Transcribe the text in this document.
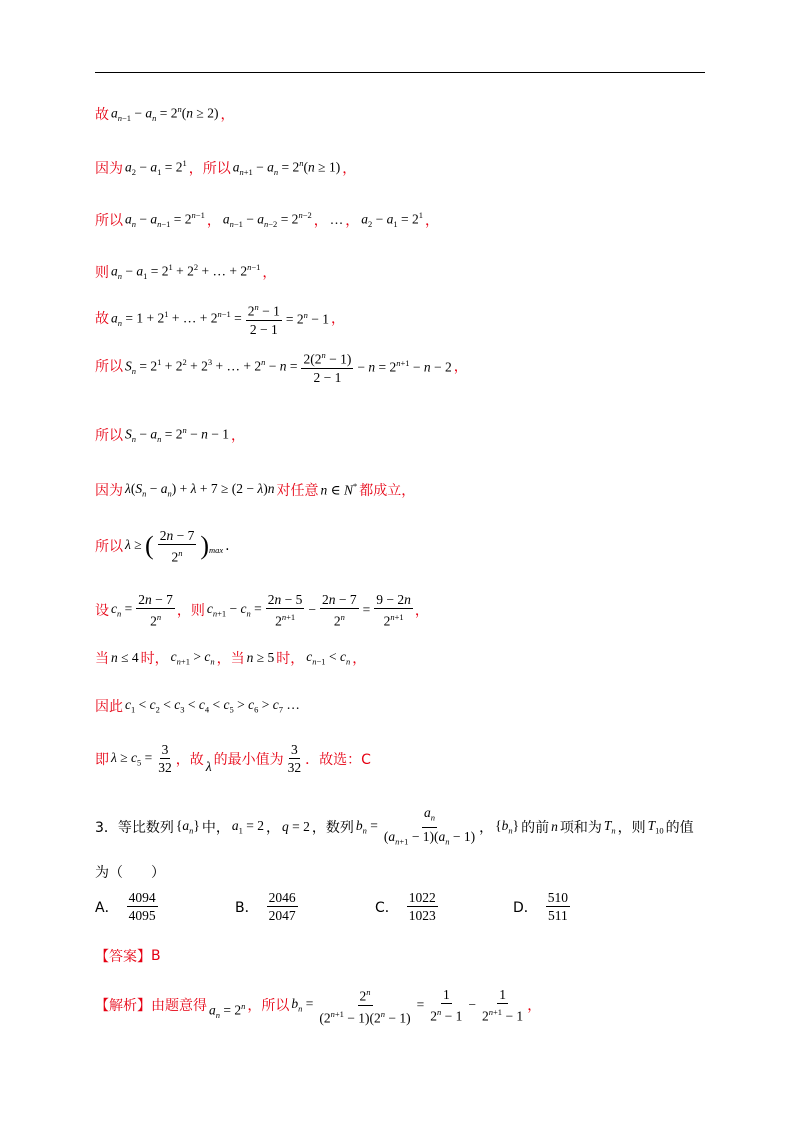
故 $a_{n-1} - a_n = 2^n(n \ge 2)$ ，
因为 $a_2 - a_1 = 2^1$ ，所以 $a_{n+1} - a_n = 2^n(n \ge 1)$ ，
所以 $a_n - a_{n-1} = 2^{n-1}$ ， $a_{n-1} - a_{n-2} = 2^{n-2}$ ， … ， $a_2 - a_1 = 2^1$ ，
则 $a_n - a_1 = 2^1 + 2^2$ + … + $2^{n-1}$ ，
故 $a_n = 1 + 2^1$ + … + $2^{n-1} = \frac{2^n - 1}{2 - 1} = 2^n - 1$ ，
所以 $S_n = 2^1 + 2^2 + 2^3$ + … + $2^n - n = \frac{2(2^n - 1)}{2 - 1} - n = 2^{n+1} - n - 2$ ，
所以 $S_n - a_n = 2^n - n - 1$ ，
因为 $\lambda(S_n - a_n) + \lambda + 7 \ge (2 - \lambda)n$ 对任意 n ∈ N* 都成立，
所以 λ ≥ ( $\frac{2n - 7}{2^n} )_{max}$ .
设 $c_n = \frac{2n - 7}{2^n}$ ，则 $c_{n+1} - c_n = \frac{2n - 5}{2^{n+1}} - \frac{2n - 7}{2^n} = \frac{9 - 2n}{2^{n+1}}$ ，
当 n ≤ 4 时， $c_{n+1} > c_n$ ，当 n ≥ 5 时， $c_{n-1} < c_n$ ，
因此 $c_1 < c_2 < c_3 < c_4 < c_5 > c_6 > c_7$ …
即 $\lambda \ge c_5 = \frac{3}{32}$ ，故 λ 的最小值为 $\frac{3}{32}$ ．故选：C
3． 等比数列 $\{a_n\}$ 中， $a_1 = 2$ ， q = 2 ，数列 $b_n = \frac{a_n}{(a_{n+1} - 1)(a_n - 1)}$ ， $\{b_n\}$ 的前 n 项和为 $T_n$ ，则 $T_{10}$ 的值
为（　　）
A． $\frac{4094}{4095}$	B． $\frac{2046}{2047}$	C． $\frac{1022}{1023}$	D． $\frac{510}{511}$
【答案】 B
【解析】 由题意得 $a_n = 2^n$ ，所以 $b_n = \frac{2^n}{(2^{n+1} - 1)(2^n - 1)} = \frac{1}{2^n - 1} - \frac{1}{2^{n+1} - 1}$ ，
